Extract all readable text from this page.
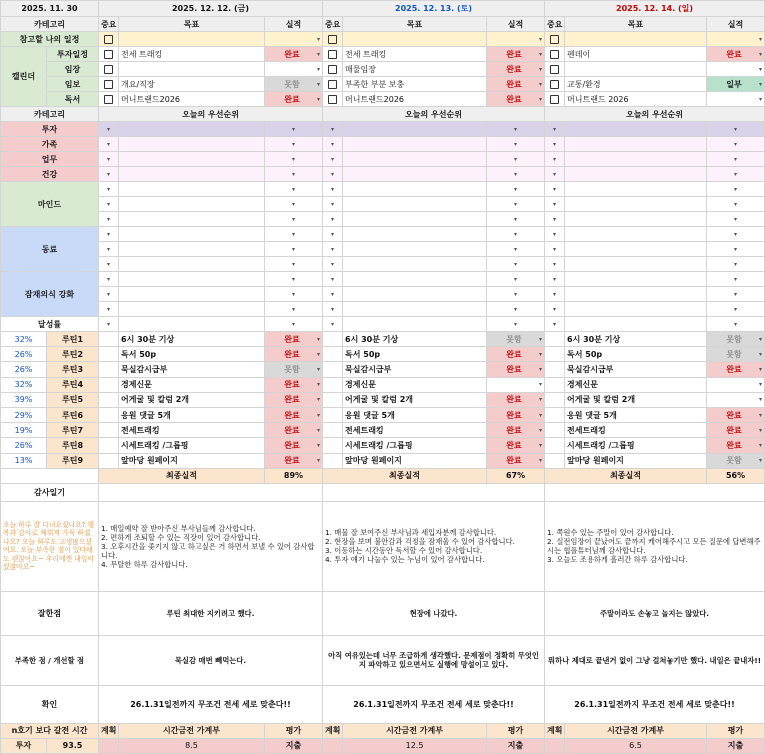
2025. 11. 30		2025. 12. 12. (금)			2025. 12. 13. (토)			2025. 12. 14. (일)		
카테고리		중요	목표	실적	중요	목표	실적	중요	목표	실적
참고할 나의 일정				▾			▾			▾

캘린더	투자일정		전세 트래킹	완료 ▾		전세 트래킹	완료 ▾		펜데이	완료 ▾

	임장			▾		매물임장	완료 ▾			▾

	임보		개요/직장	못함 ▾		부족한 부분 보충	완료 ▾		교통/환경	일부 ▾

	독서		머니트랜드2026	완료 ▾		머니트랜드2026	완료 ▾		머니트랜드 2026	▾

카테고리		오늘의 우선순위			오늘의 우선순위			오늘의 우선순위		
투자		▾		▾	▾		▾	▾		▾
가족		▾		▾	▾		▾	▾		▾
업무		▾		▾	▾		▾	▾		▾
건강		▾		▾	▾		▾	▾		▾
마인드		▾		▾	▾		▾	▾		▾
		▾		▾	▾		▾	▾		▾
		▾		▾	▾		▾	▾		▾
동료		▾		▾	▾		▾	▾		▾
		▾		▾	▾		▾	▾		▾
		▾		▾	▾		▾	▾		▾
잠재의식 강화		▾		▾	▾		▾	▾		▾
		▾		▾	▾		▾	▾		▾
		▾		▾	▾		▾	▾		▾
달성률		▾		▾	▾		▾	▾		▾
32%	루틴1		6시 30분 기상	완료 ▾		6시 30분 기상	못함 ▾		6시 30분 기상	못함 ▾

26%	루틴2		독서 50p	완료 ▾		독서 50p	완료 ▾		독서 50p	못함 ▾

26%	루틴3		묵실감시급부	못함 ▾		묵실감시급부	완료 ▾		묵실감시급부	완료 ▾

32%	루틴4		경제신문	완료 ▾		경제신문	▾		경제신문	▾

39%	루틴5		어게굴 및 칼럼 2개	완료 ▾		어게굴 및 칼럼 2개	완료 ▾		어게굴 및 칼럼 2개	▾

29%	루틴6		응원 댓글 5개	완료 ▾		응원 댓글 5개	완료 ▾		응원 댓글 5개	완료 ▾

19%	루틴7		전세트래킹	완료 ▾		전세트래킹	완료 ▾		전세트래킹	완료 ▾

26%	루틴8		시세트래킹 /그룹핑	완료 ▾		시세트래킹 /그룹핑	완료 ▾		시세트래킹 /그룹핑	완료 ▾

13%	루틴9		앞마당 원페이지	완료 ▾		앞마당 원페이지	완료 ▾		앞마당 원페이지	못함 ▾

		최종실적		89%	최종실적		67%	최종실적		56%
감사일기										
오늘 하루 잘 다녀오셨나요? 행복과 감사로 채워져 가득 하셨나요? 오늘 하루도 고생많으셨어요. 오늘 부족한 점이 있다해도 괜찮아요~ 우리에겐 내일이 있잖아요~		1. 매일예약 잘 받아주신 부사님들께 감사합니다.
2. 편하게 조퇴할 수 있는 직장이 있어 감사합니다.
3. 오후시간을 좇기지 않고 하고싶은 거 하면서 보낼 수 있어 감사합니다.
4. 무탈한 하루 감사합니다.			1. 매물 잘 보여주신 부사님과 세입자분께 감사합니다.
2. 현장을 보며 불안감과 걱정을 잠재울 수 있어 감사합니다.
3. 이동하는 시간동안 독서할 수 있어 감사합니다.
4. 투자 얘기 나눌수 있는 누님이 있어 감사합니다.			1. 쪽원수 있는 주말이 있어 감사합니다.
2. 실전임장이 끝났어도 끝까지 케어해주시고 모든 질문에 답변해주시는 협플튜터님께 감사합니다.
3. 오늘도 조용하게 흘러간 하루 감사합니다.		
잘한점		루틴 최대한 지키려고 했다.			현장에 나갔다.			주말이라도 손놓고 놀지는 않았다.		
부족한 점 / 개선할 점		묵실감 매번 빼먹는다.			아직 여유있는데 너무 조급하게 생각했다. 문제점이 정확히 무엇인지 파악하고 있으면서도 실행에 망설이고 있다.			뭐하나 제대로 끝낸거 없이 그냥 걸쳐놓기만 했다. 내일은 끝내자!!		
확인		26.1.31일전까지 무조건 전세 세로 맞춘다!!			26.1.31일전까지 무조건 전세 세로 맞춘다!!			26.1.31일전까지 무조건 전세 세로 맞춘다!!		
n호기 보다 갈전 시간		계획	시간금전 가계부	평가	계획	시간금전 가계부	평가	계획	시간금전 가계부	평가
투자	93.5		8.5	지출		12.5	지출		6.5	지출
